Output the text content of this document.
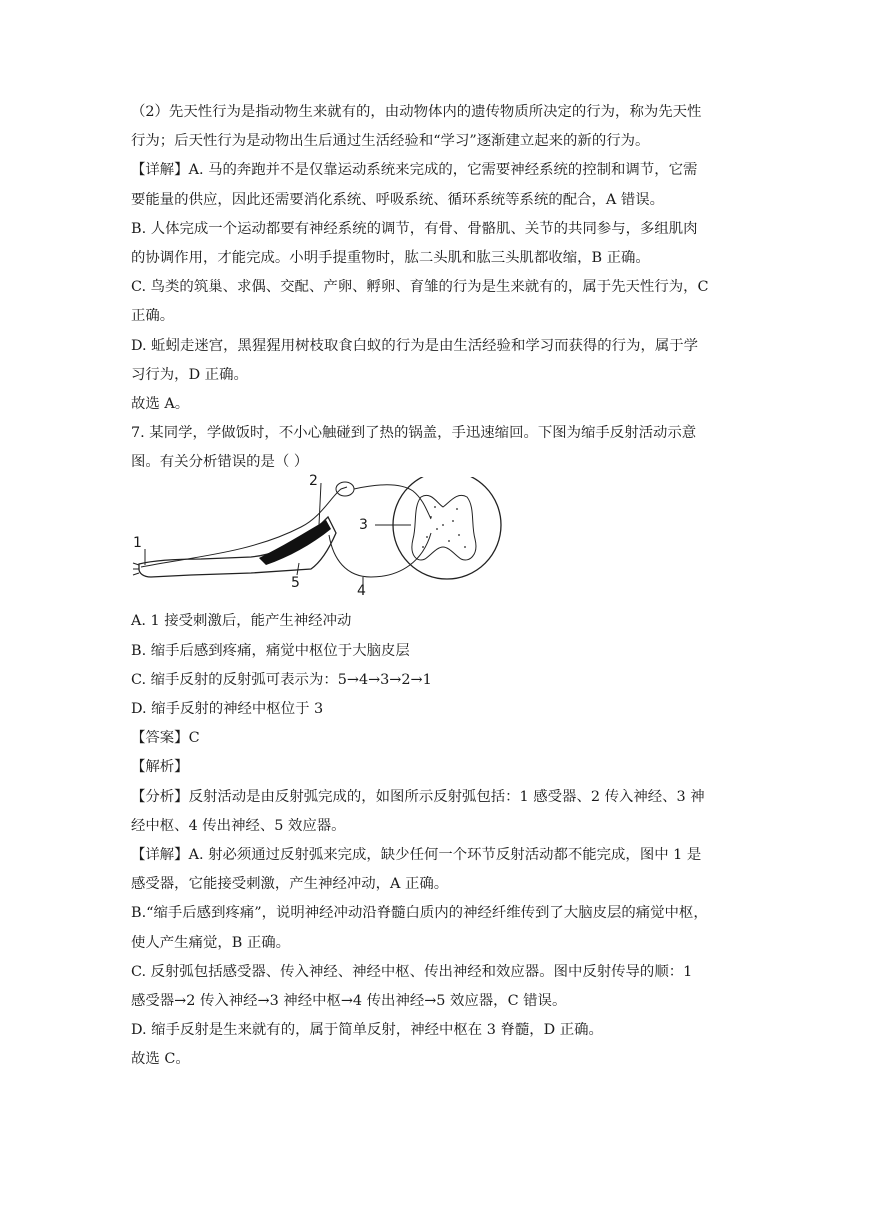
（2）先天性行为是指动物生来就有的，由动物体内的遗传物质所决定的行为，称为先天性
行为；后天性行为是动物出生后通过生活经验和“学习”逐渐建立起来的新的行为。
【详解】A. 马的奔跑并不是仅靠运动系统来完成的，它需要神经系统的控制和调节，它需
要能量的供应，因此还需要消化系统、呼吸系统、循环系统等系统的配合，A 错误。
B. 人体完成一个运动都要有神经系统的调节，有骨、骨骼肌、关节的共同参与，多组肌肉
的协调作用，才能完成。小明手提重物时，肱二头肌和肱三头肌都收缩，B 正确。
C. 鸟类的筑巢、求偶、交配、产卵、孵卵、育雏的行为是生来就有的，属于先天性行为，C
正确。
D. 蚯蚓走迷宫，黑猩猩用树枝取食白蚁的行为是由生活经验和学习而获得的行为，属于学
习行为，D 正确。
故选 A。
7. 某同学，学做饭时，不小心触碰到了热的锅盖，手迅速缩回。下图为缩手反射活动示意
图。有关分析错误的是（ ）
1
2
3
4
5
A. 1 接受刺激后，能产生神经冲动
B. 缩手后感到疼痛，痛觉中枢位于大脑皮层
C. 缩手反射的反射弧可表示为：5→4→3→2→1
D. 缩手反射的神经中枢位于 3
【答案】C
【解析】
【分析】反射活动是由反射弧完成的，如图所示反射弧包括：1 感受器、2 传入神经、3 神
经中枢、4 传出神经、5 效应器。
【详解】A. 射必须通过反射弧来完成，缺少任何一个环节反射活动都不能完成，图中 1 是
感受器，它能接受刺激，产生神经冲动，A 正确。
B.“缩手后感到疼痛”，说明神经冲动沿脊髓白质内的神经纤维传到了大脑皮层的痛觉中枢，
使人产生痛觉，B 正确。
C. 反射弧包括感受器、传入神经、神经中枢、传出神经和效应器。图中反射传导的顺：1
感受器→2 传入神经→3 神经中枢→4 传出神经→5 效应器，C 错误。
D. 缩手反射是生来就有的，属于简单反射，神经中枢在 3 脊髓，D 正确。
故选 C。
